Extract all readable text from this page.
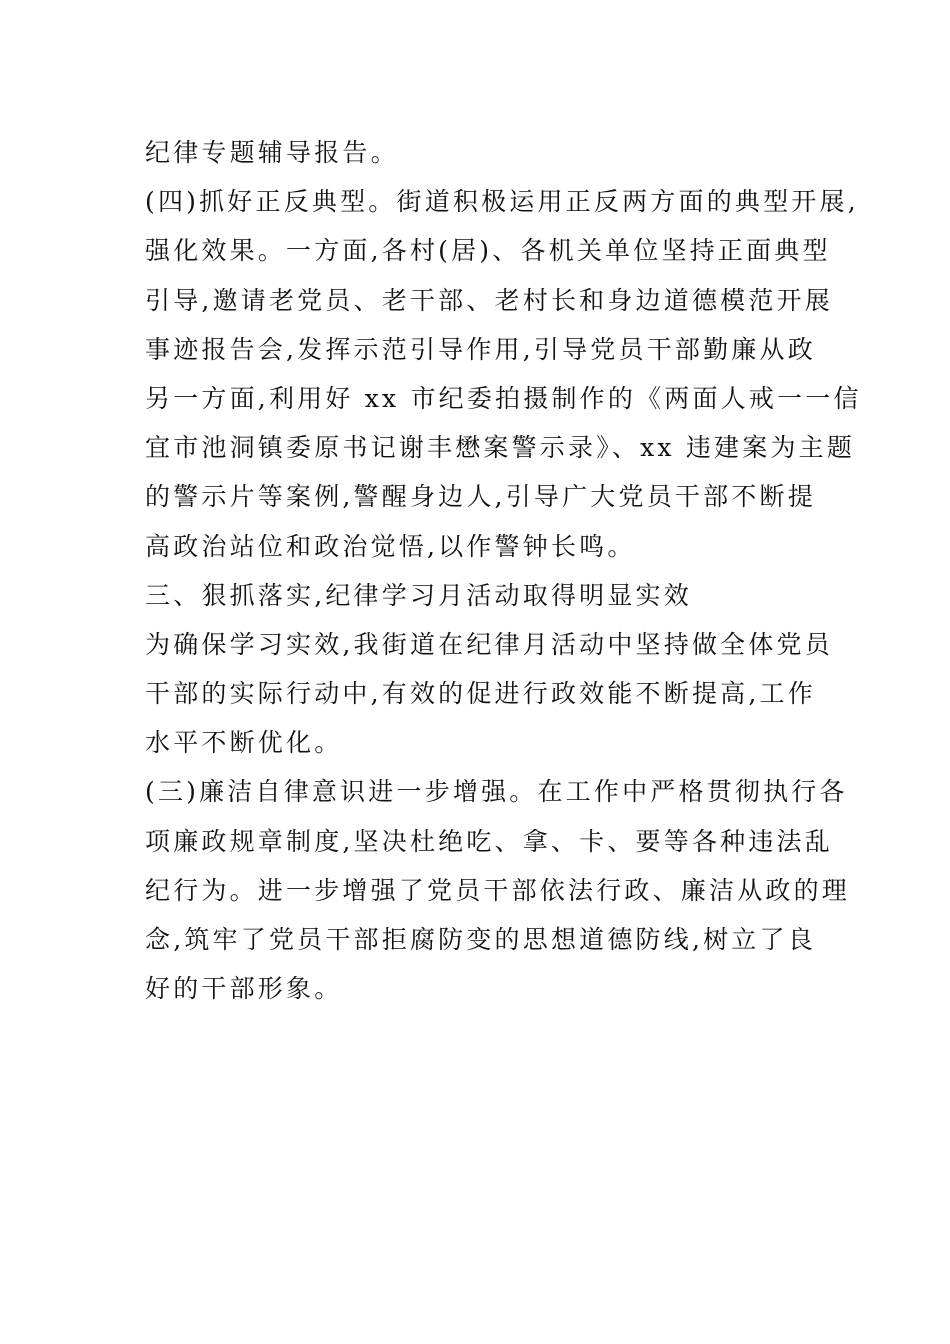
纪律专题辅导报告。
(四)抓好正反典型。街道积极运用正反两方面的典型开展,
强化效果。一方面,各村(居)、各机关单位坚持正面典型
引导,邀请老党员、老干部、老村长和身边道德模范开展
事迹报告会,发挥示范引导作用,引导党员干部勤廉从政
另一方面,利用好 xx 市纪委拍摄制作的《两面人戒一一信
宜市池洞镇委原书记谢丰懋案警示录》、xx 违建案为主题
的警示片等案例,警醒身边人,引导广大党员干部不断提
高政治站位和政治觉悟,以作警钟长鸣。
三、狠抓落实,纪律学习月活动取得明显实效
为确保学习实效,我街道在纪律月活动中坚持做全体党员
干部的实际行动中,有效的促进行政效能不断提高,工作
水平不断优化。
(三)廉洁自律意识进一步增强。在工作中严格贯彻执行各
项廉政规章制度,坚决杜绝吃、拿、卡、要等各种违法乱
纪行为。进一步增强了党员干部依法行政、廉洁从政的理
念,筑牢了党员干部拒腐防变的思想道德防线,树立了良
好的干部形象。
